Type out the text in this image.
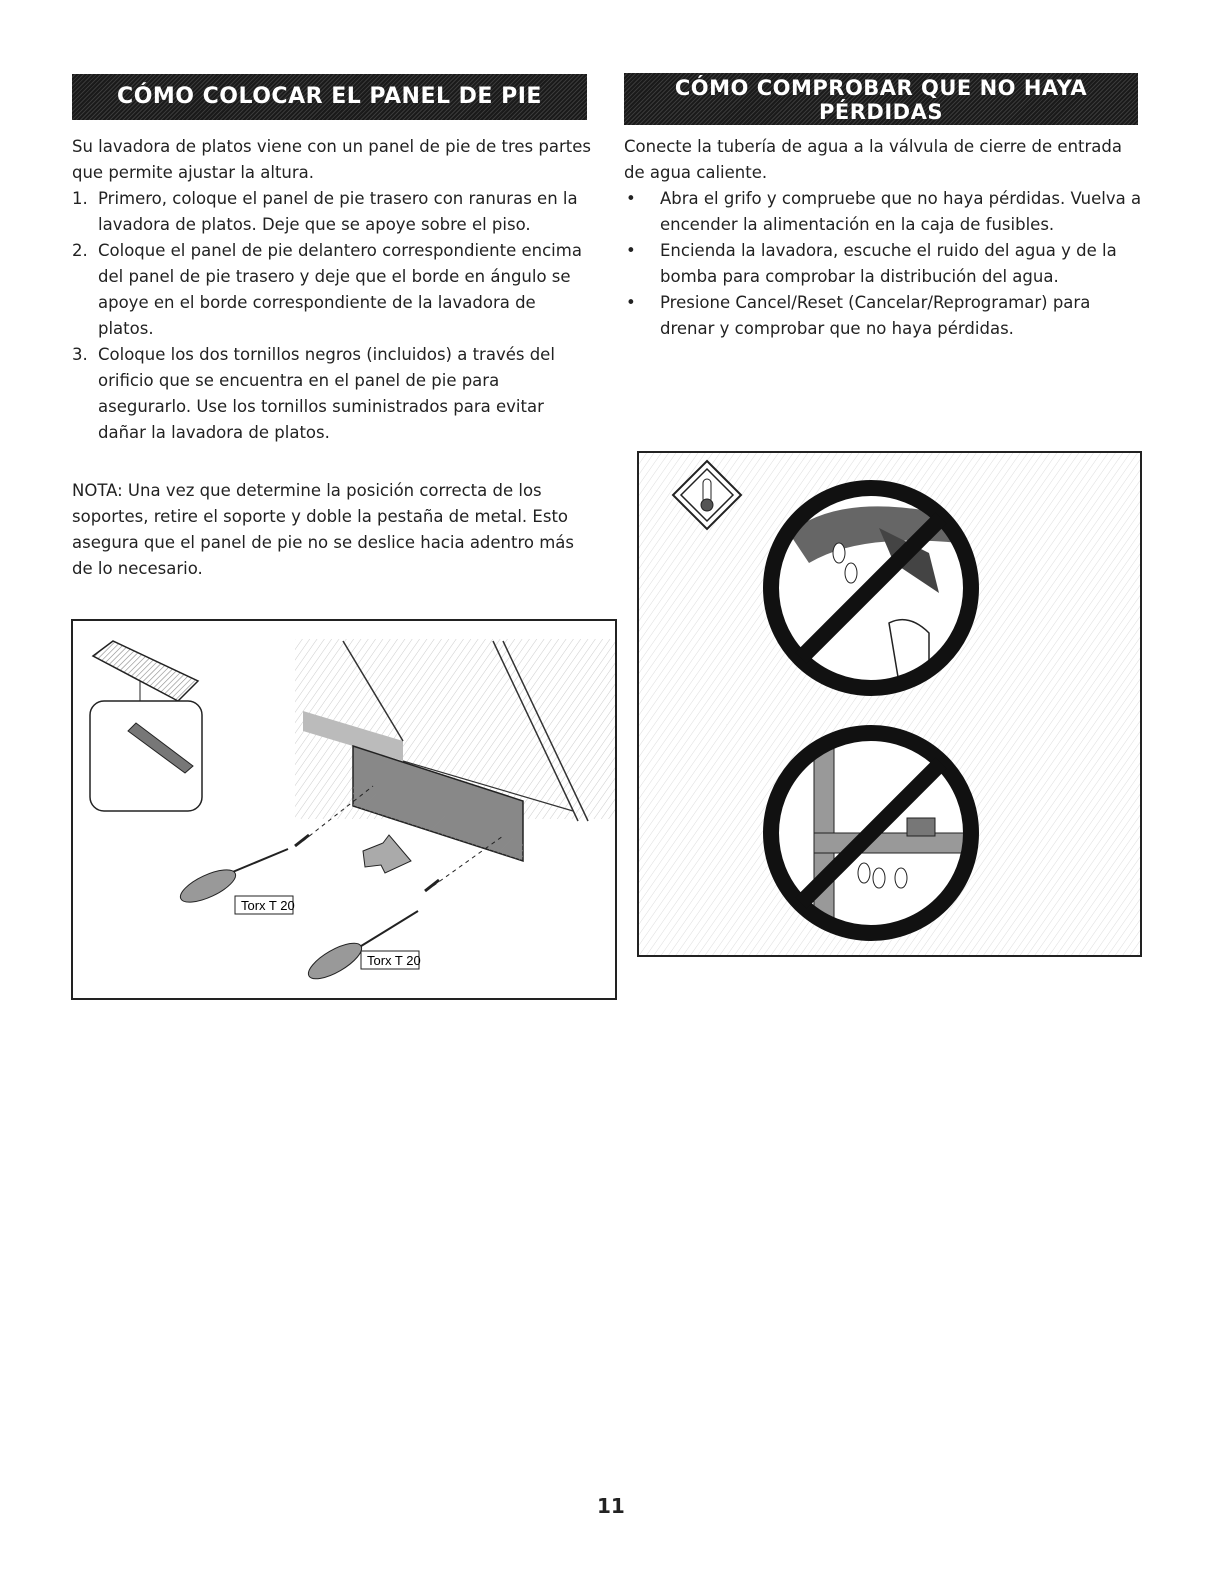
CÓMO COLOCAR EL PANEL DE PIE

Su lavadora de platos viene con un panel de pie de tres partes que permite ajustar la altura.

1. Primero, coloque el panel de pie trasero con ranuras en la lavadora de platos. Deje que se apoye sobre el piso.
2. Coloque el panel de pie delantero correspondiente encima del panel de pie trasero y deje que el borde en ángulo se apoye en el borde correspondiente de la lavadora de platos.
3. Coloque los dos tornillos negros (incluidos) a través del orificio que se encuentra en el panel de pie para asegurarlo. Use los tornillos suministrados para evitar dañar la lavadora de platos.

NOTA: Una vez que determine la posición correcta de los soportes, retire el soporte y doble la pestaña de metal. Esto asegura que el panel de pie no se deslice hacia adentro más de lo necesario.

Torx T 20
Torx T 20
CÓMO COMPROBAR QUE NO HAYA
PÉRDIDAS

Conecte la tubería de agua a la válvula de cierre de entrada de agua caliente.

• Abra el grifo y compruebe que no haya pérdidas. Vuelva a encender la alimentación en la caja de fusibles.
• Encienda la lavadora, escuche el ruido del agua y de la bomba para comprobar la distribución del agua.
• Presione Cancel/Reset (Cancelar/Reprogramar) para drenar y comprobar que no haya pérdidas.
11
